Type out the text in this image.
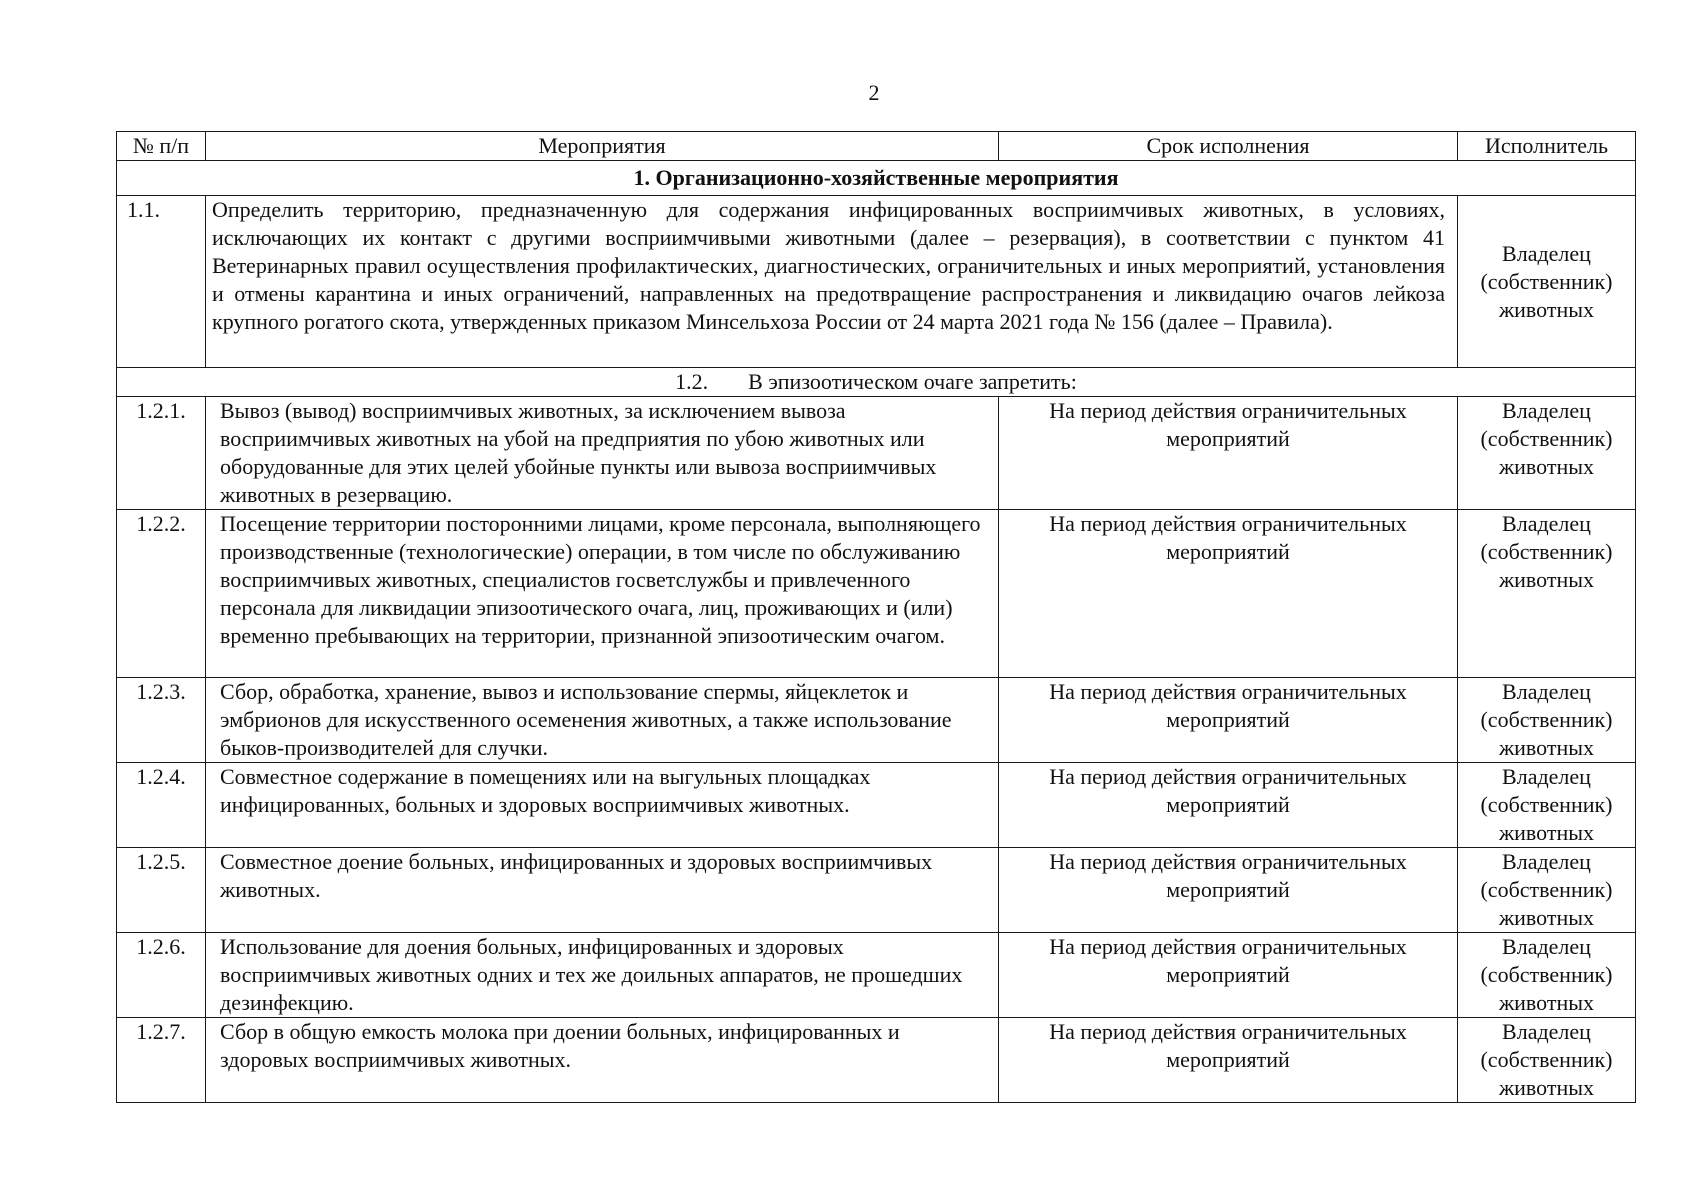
2
№ п/п	Мероприятия	Срок исполнения	Исполнитель
1. Организационно-хозяйственные мероприятия			
1.1.	Определить территорию, предназначенную для содержания инфицированных восприимчивых животных, в условиях, исключающих их контакт с другими восприимчивыми животными (далее – резервация), в соответствии с пунктом 41 Ветеринарных правил осуществления профилактических, диагностических, ограничительных и иных мероприятий, установления и отмены карантина и иных ограничений, направленных на предотвращение распространения и ликвидацию очагов лейкоза крупного рогатого скота, утвержденных приказом Минсельхоза России от 24 марта 2021 года № 156 (далее – Правила).		Владелец (собственник) животных
1.2. В эпизоотическом очаге запретить:			
1.2.1.	Вывоз (вывод) восприимчивых животных, за исключением вывоза восприимчивых животных на убой на предприятия по убою животных или оборудованные для этих целей убойные пункты или вывоза восприимчивых животных в резервацию.	На период действия ограничительных мероприятий	Владелец (собственник) животных
1.2.2.	Посещение территории посторонними лицами, кроме персонала, выполняющего производственные (технологические) операции, в том числе по обслуживанию восприимчивых животных, специалистов госветслужбы и привлеченного персонала для ликвидации эпизоотического очага, лиц, проживающих и (или) временно пребывающих на территории, признанной эпизоотическим очагом.	На период действия ограничительных мероприятий	Владелец (собственник) животных
1.2.3.	Сбор, обработка, хранение, вывоз и использование спермы, яйцеклеток и эмбрионов для искусственного осеменения животных, а также использование быков-производителей для случки.	На период действия ограничительных мероприятий	Владелец (собственник) животных
1.2.4.	Совместное содержание в помещениях или на выгульных площадках инфицированных, больных и здоровых восприимчивых животных.	На период действия ограничительных мероприятий	Владелец (собственник) животных
1.2.5.	Совместное доение больных, инфицированных и здоровых восприимчивых животных.	На период действия ограничительных мероприятий	Владелец (собственник) животных
1.2.6.	Использование для доения больных, инфицированных и здоровых восприимчивых животных одних и тех же доильных аппаратов, не прошедших дезинфекцию.	На период действия ограничительных мероприятий	Владелец (собственник) животных
1.2.7.	Сбор в общую емкость молока при доении больных, инфицированных и здоровых восприимчивых животных.	На период действия ограничительных мероприятий	Владелец (собственник) животных
